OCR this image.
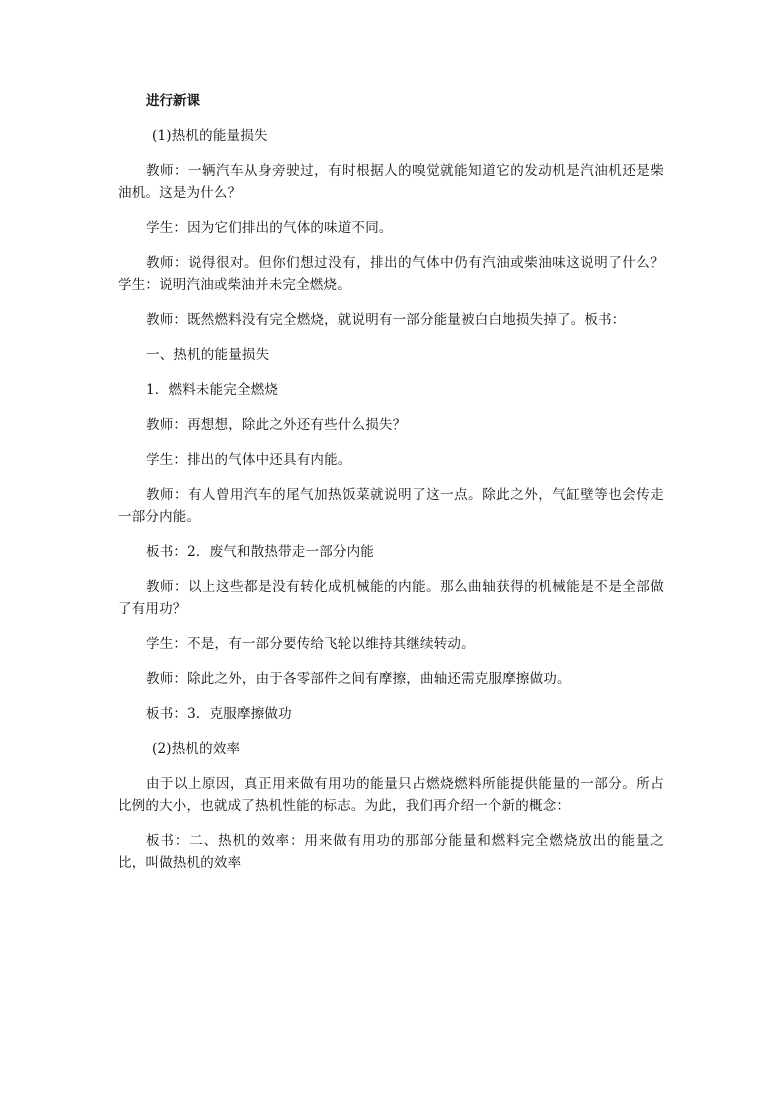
进行新课

(1)热机的能量损失

教师：一辆汽车从身旁驶过，有时根据人的嗅觉就能知道它的发动机是汽油机还是柴油机。这是为什么？

学生：因为它们排出的气体的味道不同。

教师：说得很对。但你们想过没有，排出的气体中仍有汽油或柴油味这说明了什么？学生：说明汽油或柴油并未完全燃烧。

教师：既然燃料没有完全燃烧，就说明有一部分能量被白白地损失掉了。板书：

一、热机的能量损失

1．燃料未能完全燃烧

教师：再想想，除此之外还有些什么损失？

学生：排出的气体中还具有内能。

教师：有人曾用汽车的尾气加热饭菜就说明了这一点。除此之外，气缸壁等也会传走一部分内能。

板书：2．废气和散热带走一部分内能

教师：以上这些都是没有转化成机械能的内能。那么曲轴获得的机械能是不是全部做了有用功？

学生：不是，有一部分要传给飞轮以维持其继续转动。

教师：除此之外，由于各零部件之间有摩擦，曲轴还需克服摩擦做功。

板书：3．克服摩擦做功

(2)热机的效率

由于以上原因，真正用来做有用功的能量只占燃烧燃料所能提供能量的一部分。所占比例的大小，也就成了热机性能的标志。为此，我们再介绍一个新的概念：

板书：二、热机的效率：用来做有用功的那部分能量和燃料完全燃烧放出的能量之比，叫做热机的效率
